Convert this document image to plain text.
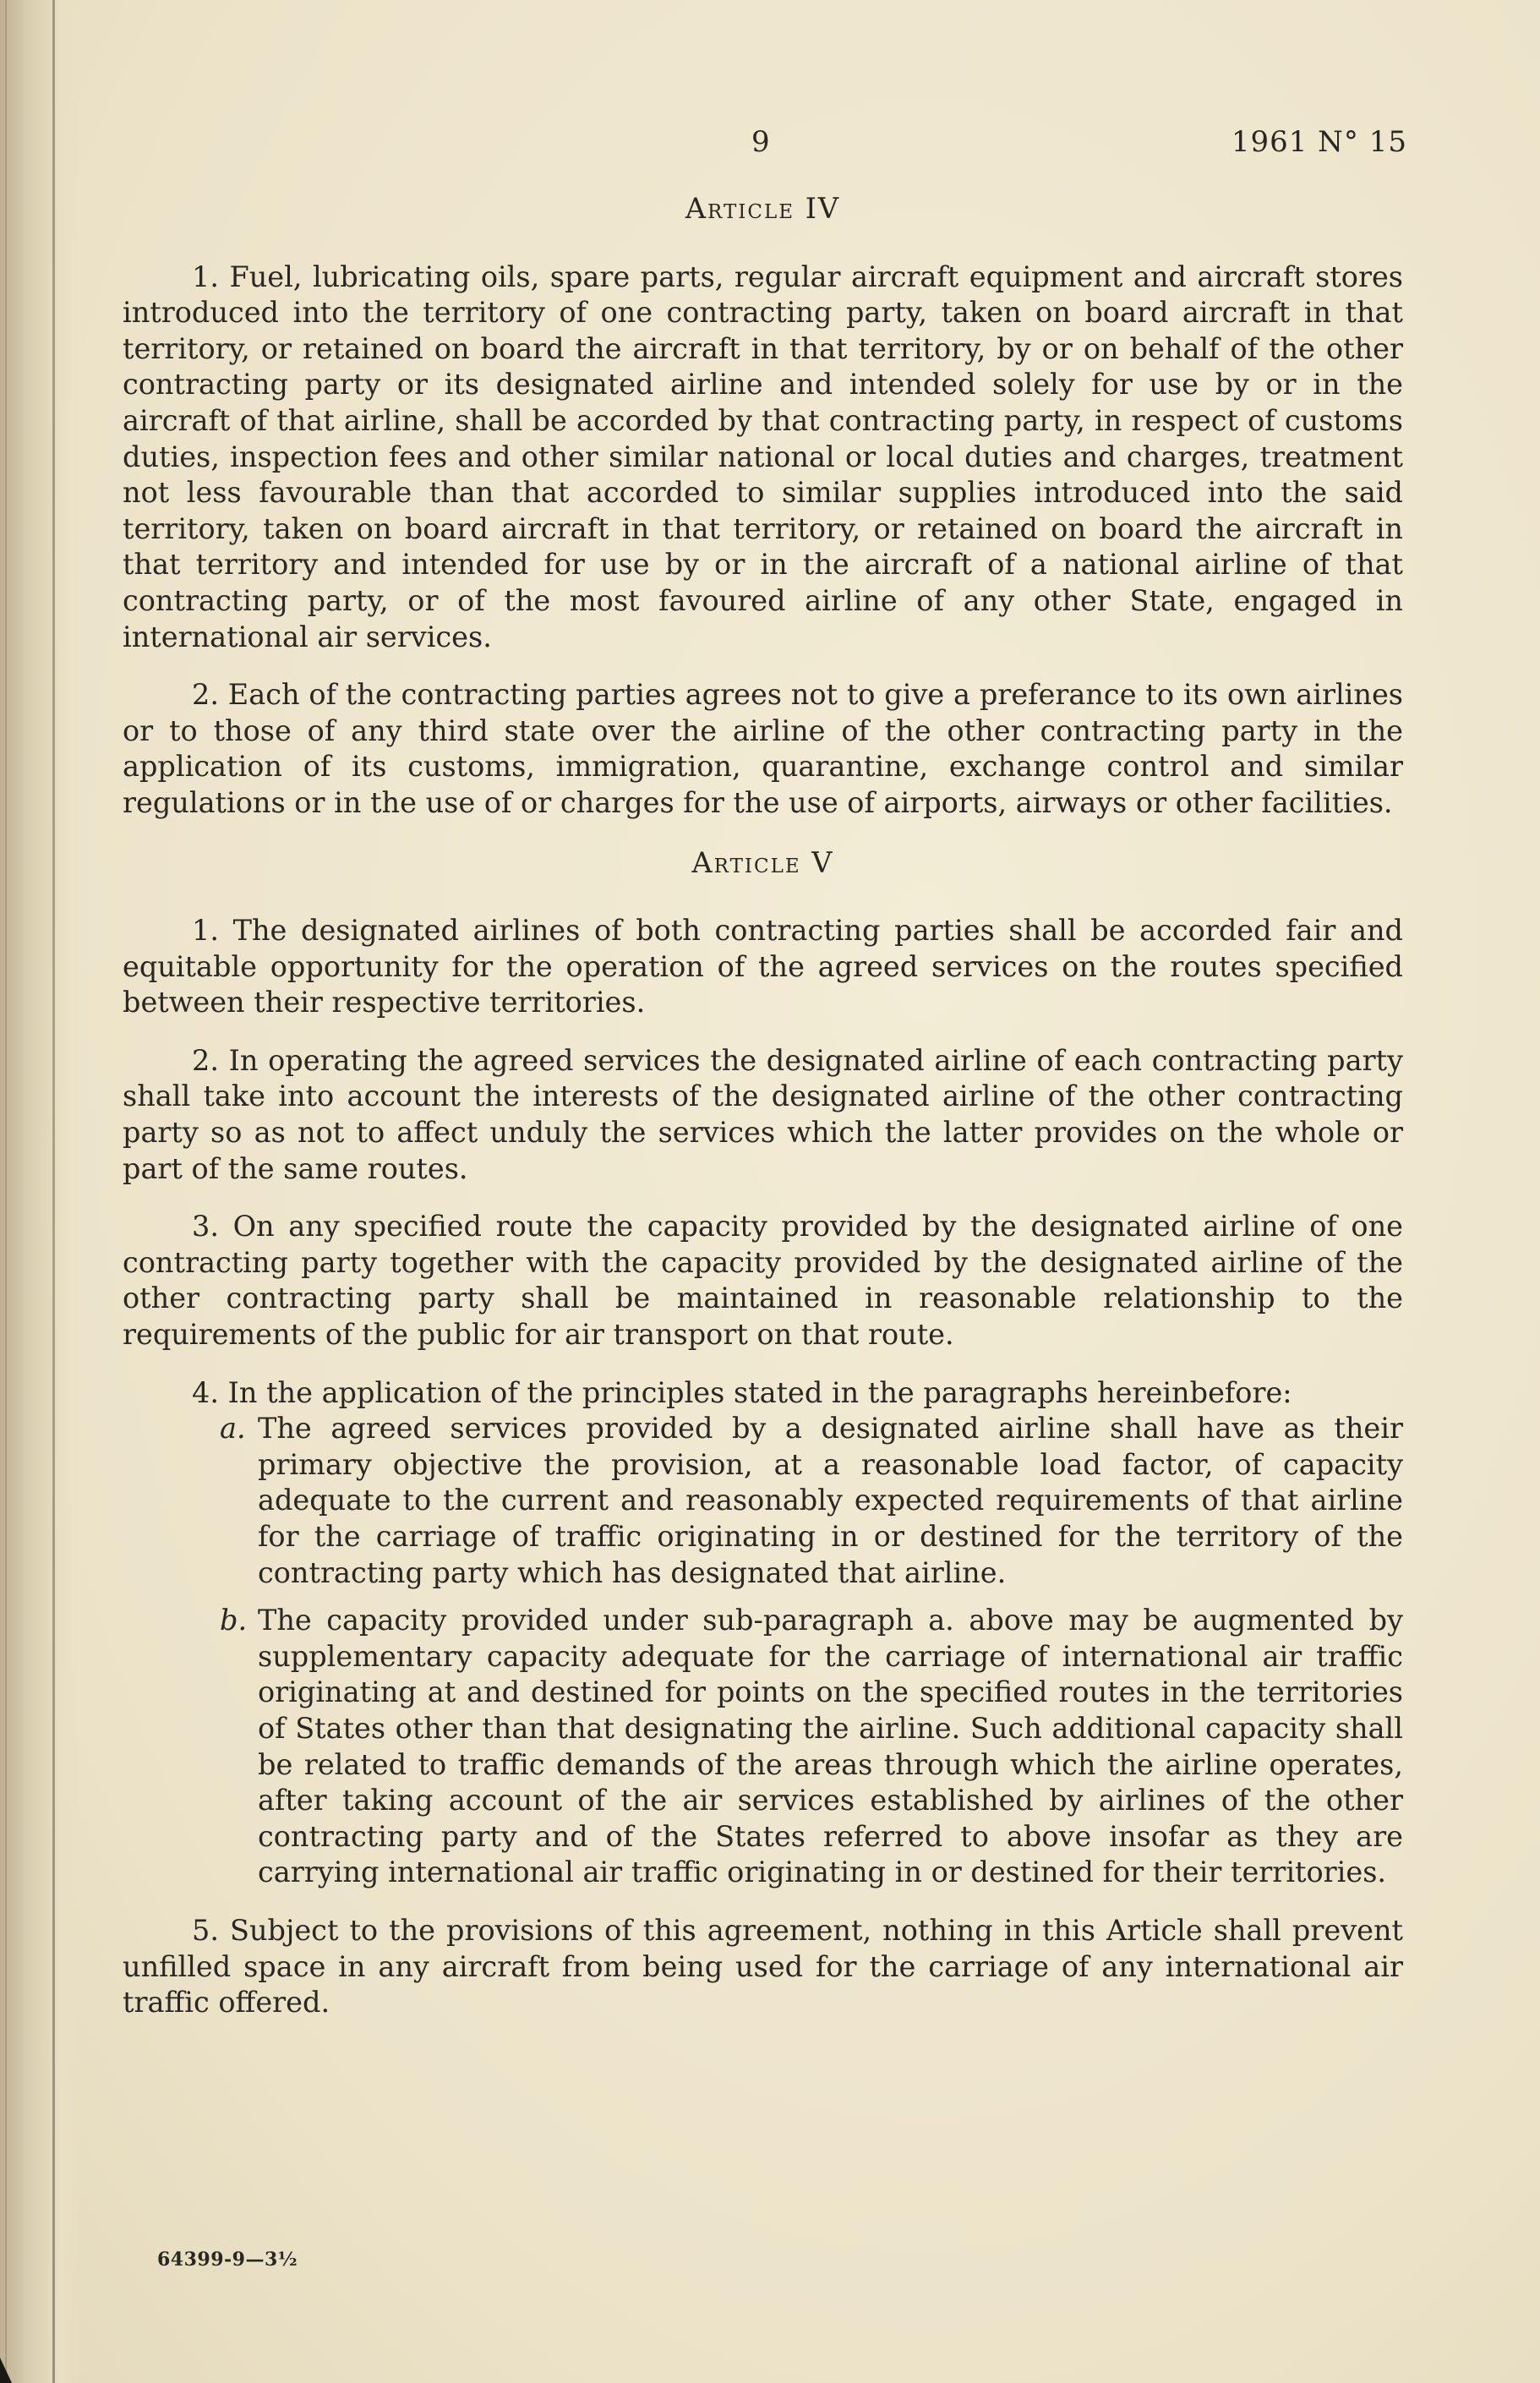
9	1961 N° 15
Article IV

1. Fuel, lubricating oils, spare parts, regular aircraft equipment and aircraft stores introduced into the territory of one contracting party, taken on board aircraft in that territory, or retained on board the aircraft in that territory, by or on behalf of the other contracting party or its designated airline and intended solely for use by or in the aircraft of that airline, shall be accorded by that contracting party, in respect of customs duties, inspection fees and other similar national or local duties and charges, treatment not less favourable than that accorded to similar supplies introduced into the said territory, taken on board aircraft in that territory, or retained on board the aircraft in that territory and intended for use by or in the aircraft of a national airline of that contracting party, or of the most favoured airline of any other State, engaged in international air services.

2. Each of the contracting parties agrees not to give a preferance to its own airlines or to those of any third state over the airline of the other contracting party in the application of its customs, immigration, quarantine, exchange control and similar regulations or in the use of or charges for the use of airports, airways or other facilities.

Article V

1. The designated airlines of both contracting parties shall be accorded fair and equitable opportunity for the operation of the agreed services on the routes specified between their respective territories.

2. In operating the agreed services the designated airline of each contracting party shall take into account the interests of the designated airline of the other contracting party so as not to affect unduly the services which the latter provides on the whole or part of the same routes.

3. On any specified route the capacity provided by the designated airline of one contracting party together with the capacity provided by the designated airline of the other contracting party shall be maintained in reasonable relationship to the requirements of the public for air transport on that route.

4. In the application of the principles stated in the paragraphs hereinbefore:

a. The agreed services provided by a designated airline shall have as their primary objective the provision, at a reasonable load factor, of capacity adequate to the current and reasonably expected requirements of that airline for the carriage of traffic originating in or destined for the territory of the contracting party which has designated that airline.
b. The capacity provided under sub-paragraph a. above may be augmented by supplementary capacity adequate for the carriage of international air traffic originating at and destined for points on the specified routes in the territories of States other than that designating the airline. Such additional capacity shall be related to traffic demands of the areas through which the airline operates, after taking account of the air services established by airlines of the other contracting party and of the States referred to above insofar as they are carrying international air traffic originating in or destined for their territories.

5. Subject to the provisions of this agreement, nothing in this Article shall prevent unfilled space in any aircraft from being used for the carriage of any international air traffic offered.

64399-9—3½
